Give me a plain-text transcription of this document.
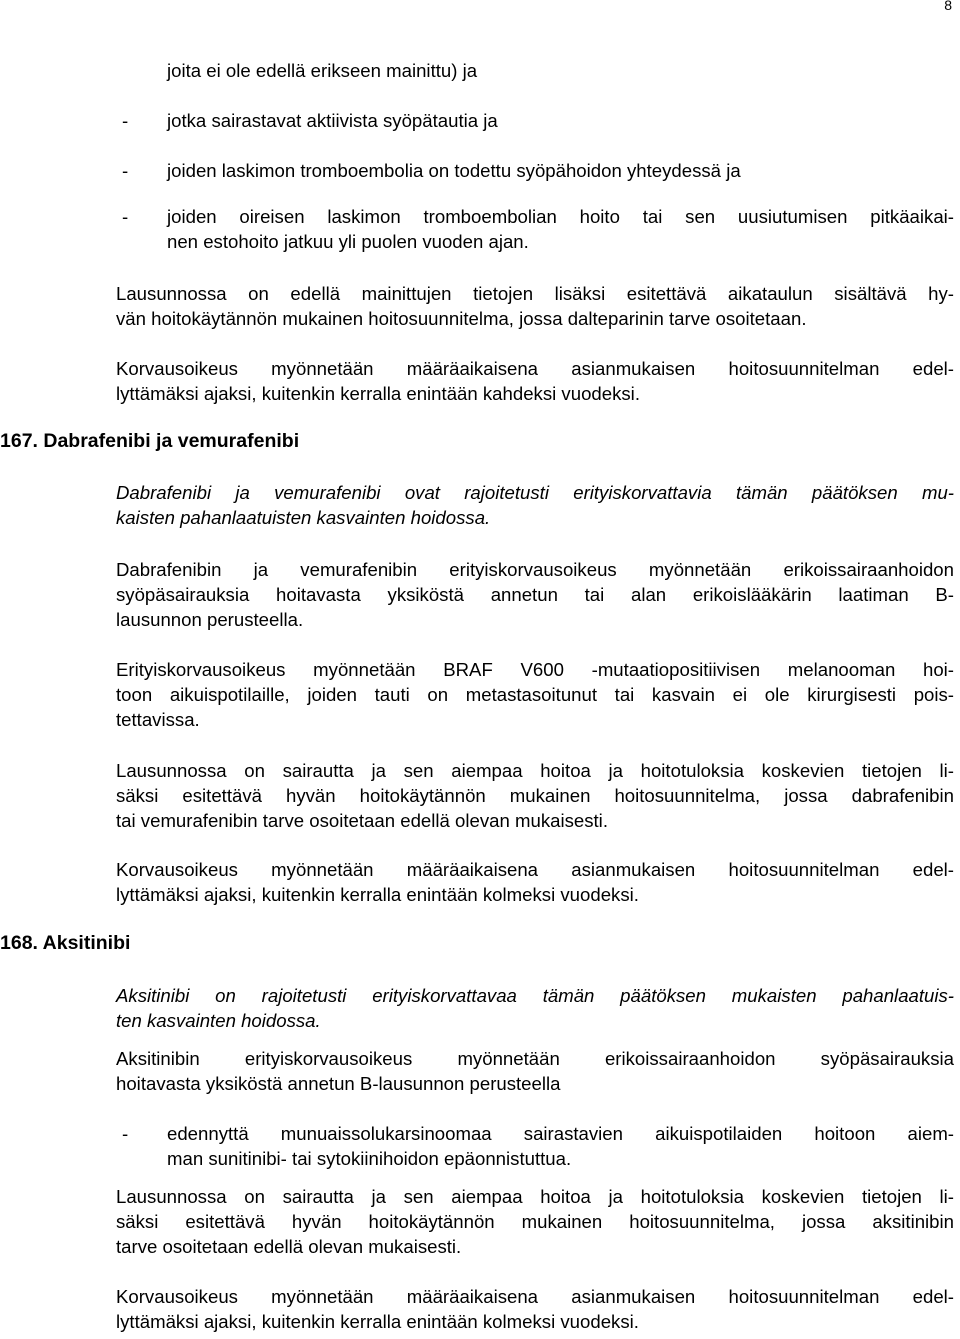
8
joita ei ole edellä erikseen mainittu) ja
- jotka sairastavat aktiivista syöpätautia ja
- joiden laskimon tromboembolia on todettu syöpähoidon yhteydessä ja
- joiden oireisen laskimon tromboembolian hoito tai sen uusiutumisen pitkäaikai-
nen estohoito jatkuu yli puolen vuoden ajan.
Lausunnossa on edellä mainittujen tietojen lisäksi esitettävä aikataulun sisältävä hy-
vän hoitokäytännön mukainen hoitosuunnitelma, jossa dalteparinin tarve osoitetaan.
Korvausoikeus myönnetään määräaikaisena asianmukaisen hoitosuunnitelman edel-
lyttämäksi ajaksi, kuitenkin kerralla enintään kahdeksi vuodeksi.
167. Dabrafenibi ja vemurafenibi
Dabrafenibi ja vemurafenibi ovat rajoitetusti erityiskorvattavia tämän päätöksen mu-
kaisten pahanlaatuisten kasvainten hoidossa.
Dabrafenibin ja vemurafenibin erityiskorvausoikeus myönnetään erikoissairaanhoidon
syöpäsairauksia hoitavasta yksiköstä annetun tai alan erikoislääkärin laatiman B-
lausunnon perusteella.
Erityiskorvausoikeus myönnetään BRAF V600 -mutaatiopositiivisen melanooman hoi-
toon aikuispotilaille, joiden tauti on metastasoitunut tai kasvain ei ole kirurgisesti pois-
tettavissa.
Lausunnossa on sairautta ja sen aiempaa hoitoa ja hoitotuloksia koskevien tietojen li-
säksi esitettävä hyvän hoitokäytännön mukainen hoitosuunnitelma, jossa dabrafenibin
tai vemurafenibin tarve osoitetaan edellä olevan mukaisesti.
Korvausoikeus myönnetään määräaikaisena asianmukaisen hoitosuunnitelman edel-
lyttämäksi ajaksi, kuitenkin kerralla enintään kolmeksi vuodeksi.
168. Aksitinibi
Aksitinibi on rajoitetusti erityiskorvattavaa tämän päätöksen mukaisten pahanlaatuis-
ten kasvainten hoidossa.
Aksitinibin erityiskorvausoikeus myönnetään erikoissairaanhoidon syöpäsairauksia
hoitavasta yksiköstä annetun B-lausunnon perusteella
- edennyttä munuaissolukarsinoomaa sairastavien aikuispotilaiden hoitoon aiem-
man sunitinibi- tai sytokiinihoidon epäonnistuttua.
Lausunnossa on sairautta ja sen aiempaa hoitoa ja hoitotuloksia koskevien tietojen li-
säksi esitettävä hyvän hoitokäytännön mukainen hoitosuunnitelma, jossa aksitinibin
tarve osoitetaan edellä olevan mukaisesti.
Korvausoikeus myönnetään määräaikaisena asianmukaisen hoitosuunnitelman edel-
lyttämäksi ajaksi, kuitenkin kerralla enintään kolmeksi vuodeksi.
